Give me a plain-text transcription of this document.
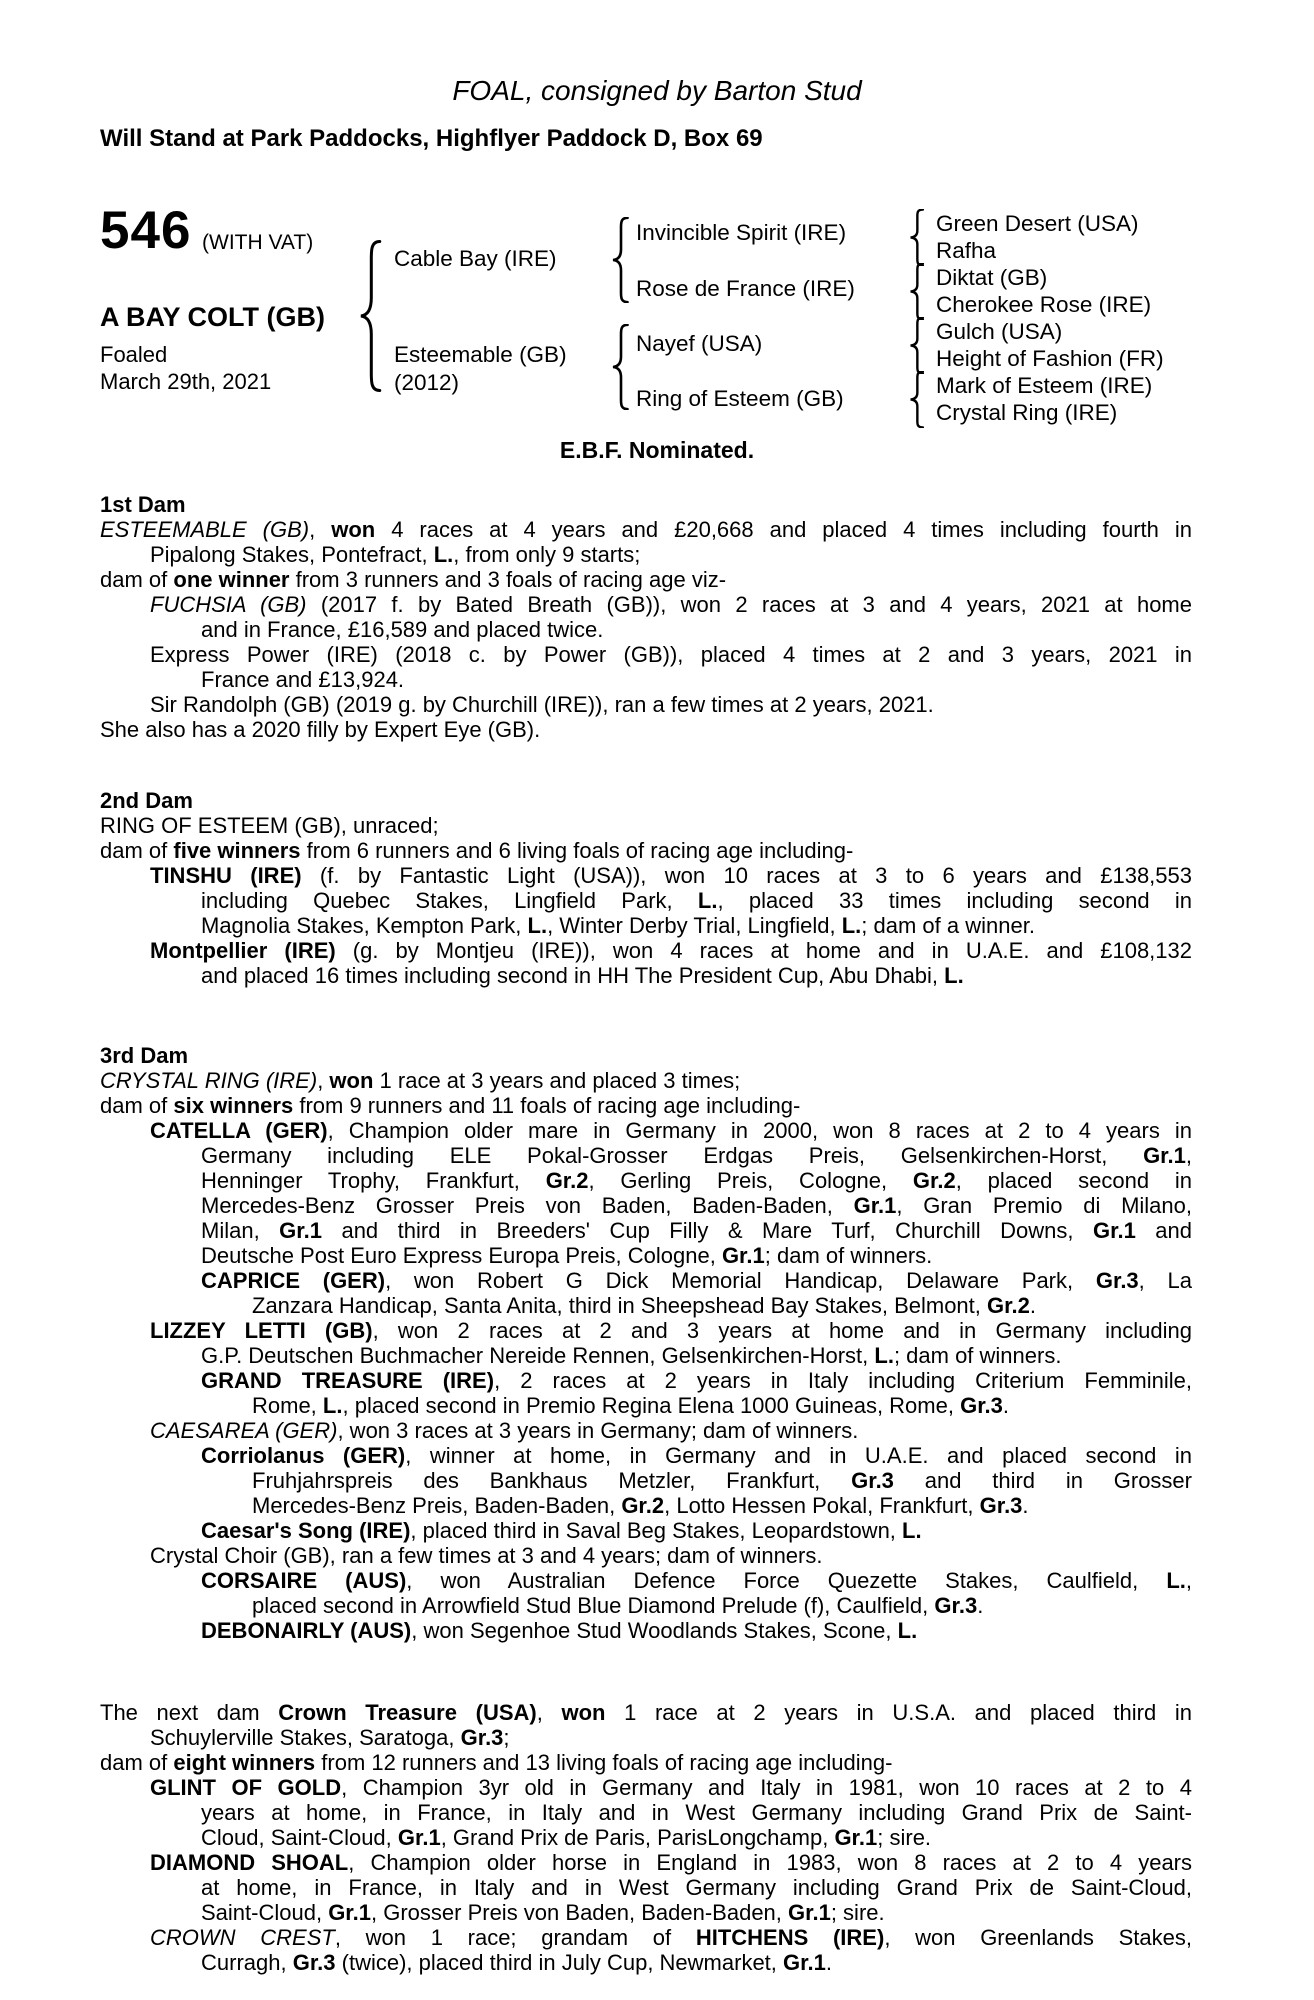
FOAL, consigned by Barton Stud
Will Stand at Park Paddocks, Highflyer Paddock D, Box 69
546 (WITH VAT)
A BAY COLT (GB)
Foaled
March 29th, 2021
Cable Bay (IRE)
Esteemable (GB)
(2012)
Invincible Spirit (IRE)
Rose de France (IRE)
Nayef (USA)
Ring of Esteem (GB)
Green Desert (USA)
Rafha
Diktat (GB)
Cherokee Rose (IRE)
Gulch (USA)
Height of Fashion (FR)
Mark of Esteem (IRE)
Crystal Ring (IRE)
E.B.F. Nominated.
1st Dam
ESTEEMABLE (GB), won 4 races at 4 years and £20,668 and placed 4 times including fourth in
Pipalong Stakes, Pontefract, L., from only 9 starts;
dam of one winner from 3 runners and 3 foals of racing age viz-
FUCHSIA (GB) (2017 f. by Bated Breath (GB)), won 2 races at 3 and 4 years, 2021 at home
and in France, £16,589 and placed twice.
Express Power (IRE) (2018 c. by Power (GB)), placed 4 times at 2 and 3 years, 2021 in
France and £13,924.
Sir Randolph (GB) (2019 g. by Churchill (IRE)), ran a few times at 2 years, 2021.
She also has a 2020 filly by Expert Eye (GB).
2nd Dam
RING OF ESTEEM (GB), unraced;
dam of five winners from 6 runners and 6 living foals of racing age including-
TINSHU (IRE) (f. by Fantastic Light (USA)), won 10 races at 3 to 6 years and £138,553
including Quebec Stakes, Lingfield Park, L., placed 33 times including second in
Magnolia Stakes, Kempton Park, L., Winter Derby Trial, Lingfield, L.; dam of a winner.
Montpellier (IRE) (g. by Montjeu (IRE)), won 4 races at home and in U.A.E. and £108,132
and placed 16 times including second in HH The President Cup, Abu Dhabi, L.
3rd Dam
CRYSTAL RING (IRE), won 1 race at 3 years and placed 3 times;
dam of six winners from 9 runners and 11 foals of racing age including-
CATELLA (GER), Champion older mare in Germany in 2000, won 8 races at 2 to 4 years in
Germany including ELE Pokal-Grosser Erdgas Preis, Gelsenkirchen-Horst, Gr.1,
Henninger Trophy, Frankfurt, Gr.2, Gerling Preis, Cologne, Gr.2, placed second in
Mercedes-Benz Grosser Preis von Baden, Baden-Baden, Gr.1, Gran Premio di Milano,
Milan, Gr.1 and third in Breeders' Cup Filly & Mare Turf, Churchill Downs, Gr.1 and
Deutsche Post Euro Express Europa Preis, Cologne, Gr.1; dam of winners.
CAPRICE (GER), won Robert G Dick Memorial Handicap, Delaware Park, Gr.3, La
Zanzara Handicap, Santa Anita, third in Sheepshead Bay Stakes, Belmont, Gr.2.
LIZZEY LETTI (GB), won 2 races at 2 and 3 years at home and in Germany including
G.P. Deutschen Buchmacher Nereide Rennen, Gelsenkirchen-Horst, L.; dam of winners.
GRAND TREASURE (IRE), 2 races at 2 years in Italy including Criterium Femminile,
Rome, L., placed second in Premio Regina Elena 1000 Guineas, Rome, Gr.3.
CAESAREA (GER), won 3 races at 3 years in Germany; dam of winners.
Corriolanus (GER), winner at home, in Germany and in U.A.E. and placed second in
Fruhjahrspreis des Bankhaus Metzler, Frankfurt, Gr.3 and third in Grosser
Mercedes-Benz Preis, Baden-Baden, Gr.2, Lotto Hessen Pokal, Frankfurt, Gr.3.
Caesar's Song (IRE), placed third in Saval Beg Stakes, Leopardstown, L.
Crystal Choir (GB), ran a few times at 3 and 4 years; dam of winners.
CORSAIRE (AUS), won Australian Defence Force Quezette Stakes, Caulfield, L.,
placed second in Arrowfield Stud Blue Diamond Prelude (f), Caulfield, Gr.3.
DEBONAIRLY (AUS), won Segenhoe Stud Woodlands Stakes, Scone, L.
The next dam Crown Treasure (USA), won 1 race at 2 years in U.S.A. and placed third in
Schuylerville Stakes, Saratoga, Gr.3;
dam of eight winners from 12 runners and 13 living foals of racing age including-
GLINT OF GOLD, Champion 3yr old in Germany and Italy in 1981, won 10 races at 2 to 4
years at home, in France, in Italy and in West Germany including Grand Prix de Saint-
Cloud, Saint-Cloud, Gr.1, Grand Prix de Paris, ParisLongchamp, Gr.1; sire.
DIAMOND SHOAL, Champion older horse in England in 1983, won 8 races at 2 to 4 years
at home, in France, in Italy and in West Germany including Grand Prix de Saint-Cloud,
Saint-Cloud, Gr.1, Grosser Preis von Baden, Baden-Baden, Gr.1; sire.
CROWN CREST, won 1 race; grandam of HITCHENS (IRE), won Greenlands Stakes,
Curragh, Gr.3 (twice), placed third in July Cup, Newmarket, Gr.1.
